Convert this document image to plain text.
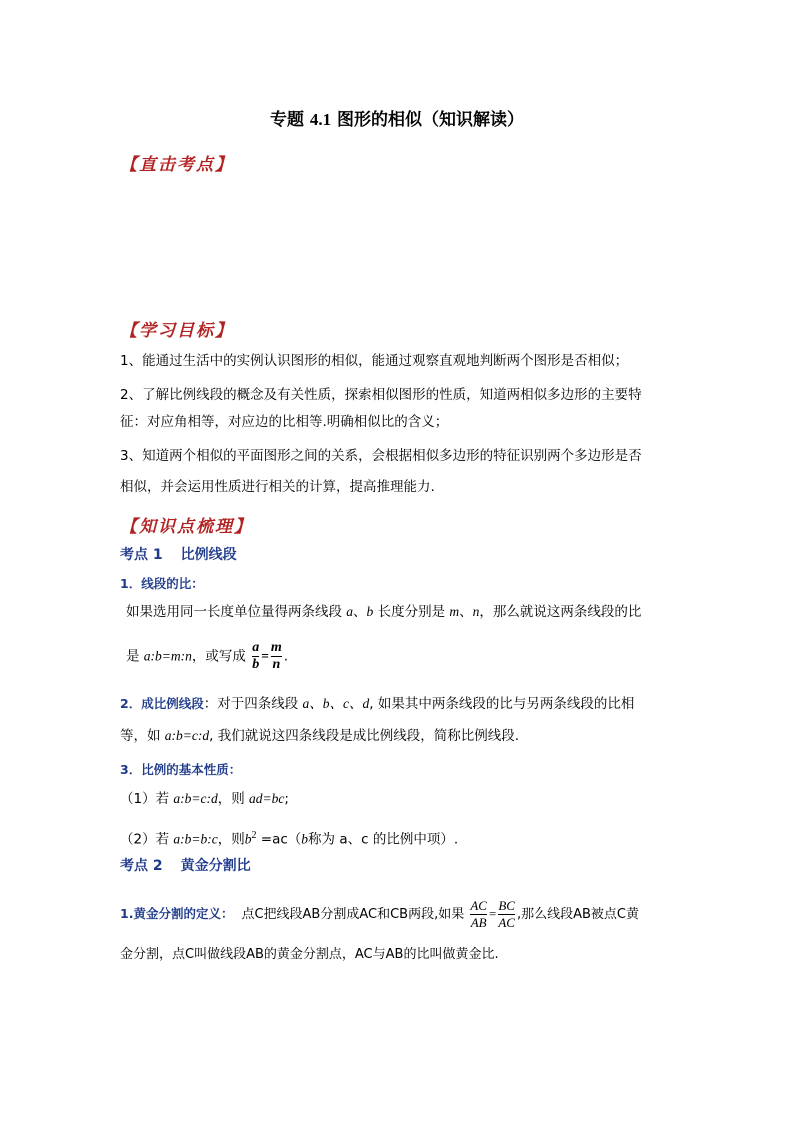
专题 4.1 图形的相似（知识解读）
【直击考点】
【学习目标】
1、能通过生活中的实例认识图形的相似，能通过观察直观地判断两个图形是否相似；
2、了解比例线段的概念及有关性质，探索相似图形的性质，知道两相似多边形的主要特
征：对应角相等，对应边的比相等.明确相似比的含义；
3、知道两个相似的平面图形之间的关系，会根据相似多边形的特征识别两个多边形是否
相似，并会运用性质进行相关的计算，提高推理能力.
【知识点梳理】
考点 1 比例线段
1．线段的比：
如果选用同一长度单位量得两条线段 a、b 长度分别是 m、n，那么就说这两条线段的比
是 a:b=m:n，或写成 $\frac{a}{b} = \frac{m}{n}$ .
2．成比例线段：对于四条线段 a、b、c、d, 如果其中两条线段的比与另两条线段的比相
等，如 a:b=c:d, 我们就说这四条线段是成比例线段，简称比例线段.
3．比例的基本性质：
（1）若 a:b=c:d，则 ad=bc;
（2）若 a:b=b:c，则$b^2 =ac(b$称为 a、c 的比例中项）.
考点 2 黄金分割比
1.黄金分割的定义： 点C把线段AB分割成AC和CB两段,如果 $\frac{AC}{AB} = \frac{BC}{AC}$ ,那么线段AB被点C黄
金分割，点C叫做线段AB的黄金分割点，AC与AB的比叫做黄金比.
